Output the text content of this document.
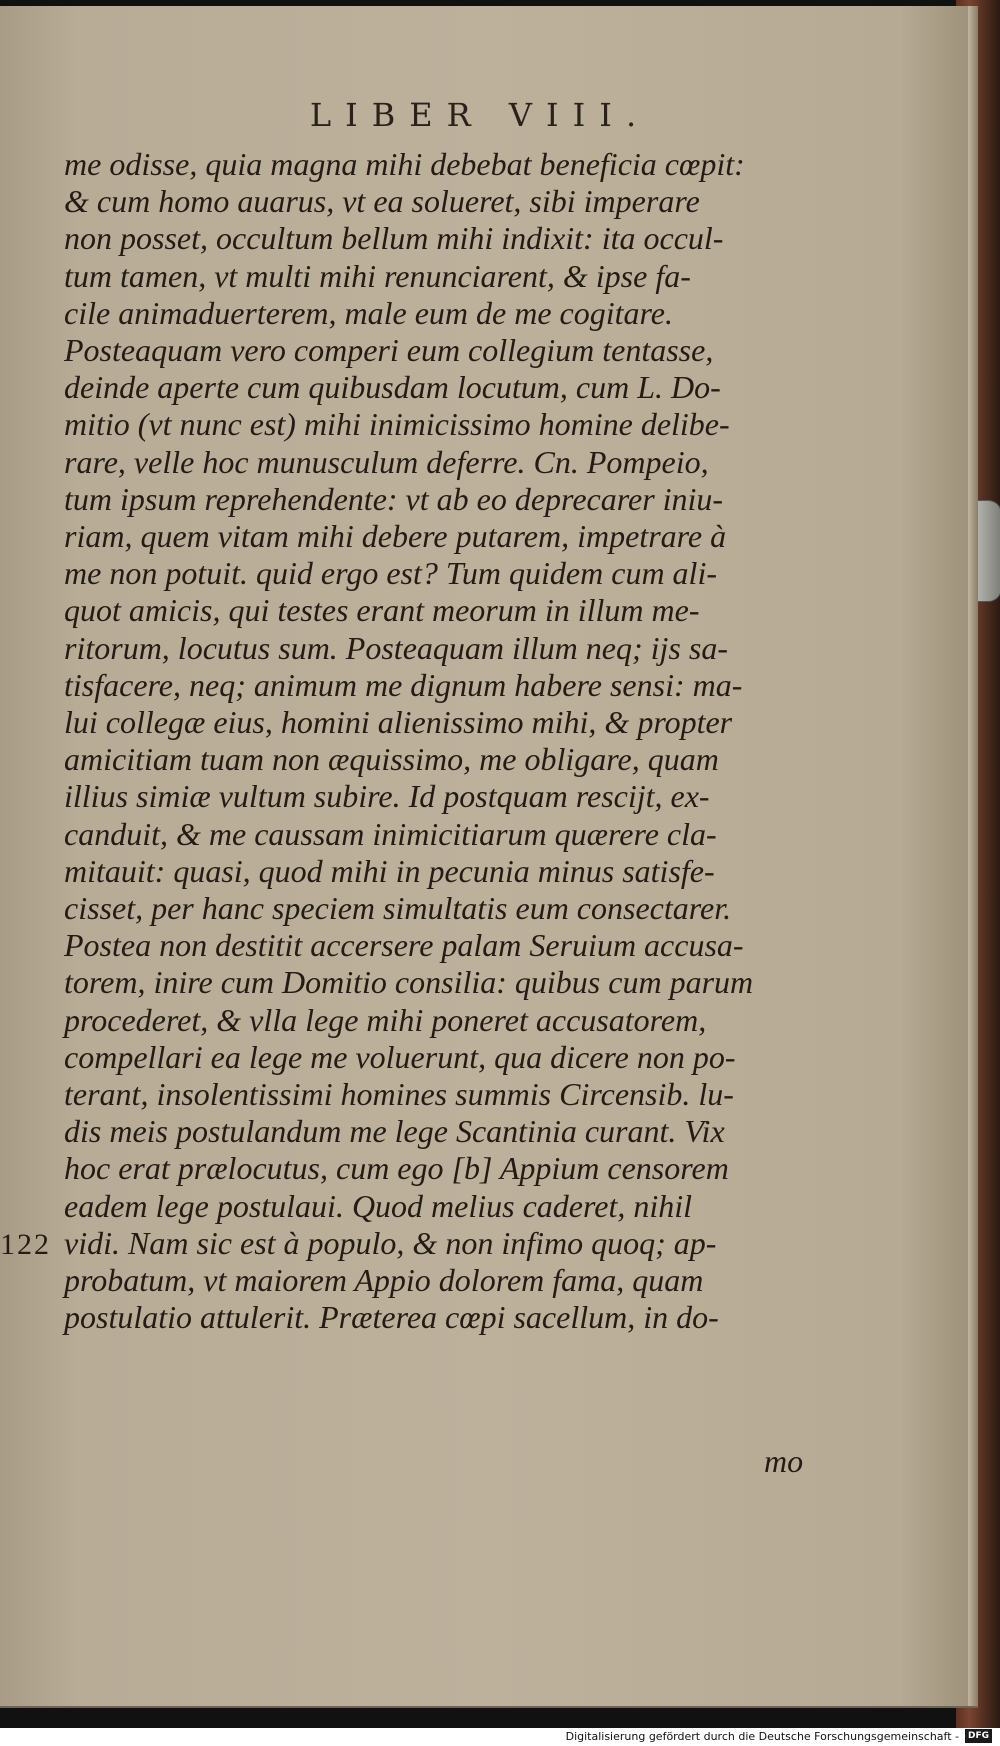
LIBER VIII.
me odisse, quia magna mihi debebat beneficia cœpit:
& cum homo auarus, vt ea solueret, sibi imperare
non posset, occultum bellum mihi indixit: ita occul-
tum tamen, vt multi mihi renunciarent, & ipse fa-
cile animaduerterem, male eum de me cogitare.
Posteaquam vero comperi eum collegium tentasse,
deinde aperte cum quibusdam locutum, cum L. Do-
mitio (vt nunc est) mihi inimicissimo homine delibe-
rare, velle hoc munusculum deferre. Cn. Pompeio,
tum ipsum reprehendente: vt ab eo deprecarer iniu-
riam, quem vitam mihi debere putarem, impetrare à
me non potuit. quid ergo est? Tum quidem cum ali-
quot amicis, qui testes erant meorum in illum me-
ritorum, locutus sum. Posteaquam illum neq; ijs sa-
tisfacere, neq; animum me dignum habere sensi: ma-
lui collegæ eius, homini alienissimo mihi, & propter
amicitiam tuam non æquissimo, me obligare, quam
illius simiæ vultum subire. Id postquam rescijt, ex-
canduit, & me caussam inimicitiarum quærere cla-
mitauit: quasi, quod mihi in pecunia minus satisfe-
cisset, per hanc speciem simultatis eum consectarer.
Postea non destitit accersere palam Seruium accusa-
torem, inire cum Domitio consilia: quibus cum parum
procederet, & vlla lege mihi poneret accusatorem,
compellari ea lege me voluerunt, qua dicere non po-
terant, insolentissimi homines summis Circensib. lu-
dis meis postulandum me lege Scantinia curant. Vix
hoc erat prælocutus, cum ego [b] Appium censorem
eadem lege postulaui. Quod melius caderet, nihil
vidi. Nam sic est à populo, & non infimo quoq; ap-
probatum, vt maiorem Appio dolorem fama, quam
postulatio attulerit. Præterea cœpi sacellum, in do-
122
mo
Digitalisierung gefördert durch die Deutsche Forschungsgemeinschaft -	DFG
